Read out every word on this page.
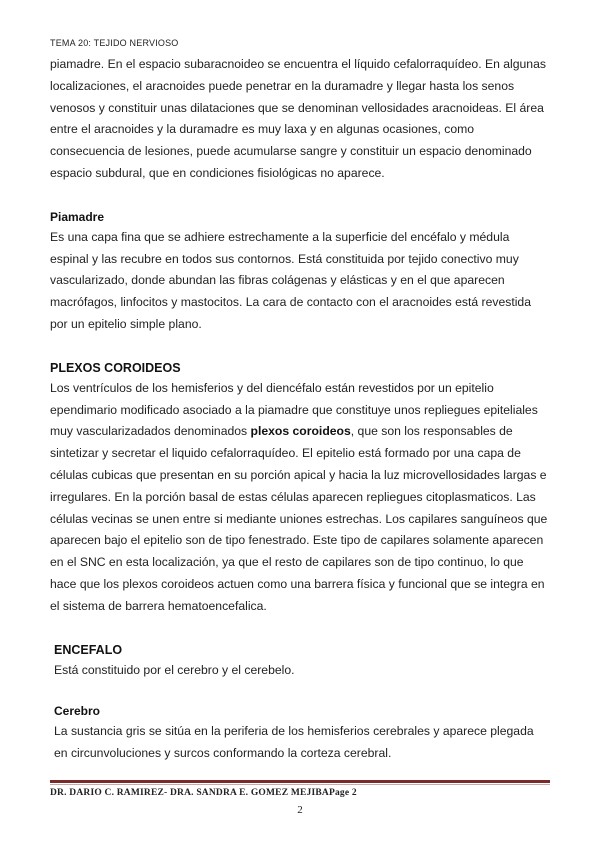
TEMA 20: TEJIDO NERVIOSO

piamadre. En el espacio subaracnoideo se encuentra el líquido cefalorraquídeo. En algunas localizaciones, el aracnoides puede penetrar en la duramadre y llegar hasta los senos venosos y constituir unas dilataciones que se denominan vellosidades aracnoideas. El área entre el aracnoides y la duramadre es muy laxa y en algunas ocasiones, como consecuencia de lesiones, puede acumularse sangre y constituir un espacio denominado espacio subdural, que en condiciones fisiológicas no aparece.

Piamadre

Es una capa fina que se adhiere estrechamente a la superficie del encéfalo y médula espinal y las recubre en todos sus contornos. Está constituida por tejido conectivo muy vascularizado, donde abundan las fibras colágenas y elásticas y en el que aparecen macrófagos, linfocitos y mastocitos. La cara de contacto con el aracnoides está revestida por un epitelio simple plano.

PLEXOS COROIDEOS

Los ventrículos de los hemisferios y del diencéfalo están revestidos por un epitelio ependimario modificado asociado a la piamadre que constituye unos repliegues epiteliales muy vascularizadados denominados plexos coroideos, que son los responsables de sintetizar y secretar el liquido cefalorraquídeo. El epitelio está formado por una capa de células cubicas que presentan en su porción apical y hacia la luz microvellosidades largas e irregulares. En la porción basal de estas células aparecen repliegues citoplasmaticos. Las células vecinas se unen entre si mediante uniones estrechas. Los capilares sanguíneos que aparecen bajo el epitelio son de tipo fenestrado. Este tipo de capilares solamente aparecen en el SNC en esta localización, ya que el resto de capilares son de tipo continuo, lo que hace que los plexos coroideos actuen como una barrera física y funcional que se integra en el sistema de barrera hematoencefalica.

ENCEFALO

Está constituido por el cerebro y el cerebelo.

Cerebro

La sustancia gris se sitúa en la periferia de los hemisferios cerebrales y aparece plegada en circunvoluciones y surcos conformando la corteza cerebral.

DR. DARIO C. RAMIREZ- DRA. SANDRA E. GOMEZ MEJIBAPage 2
2
